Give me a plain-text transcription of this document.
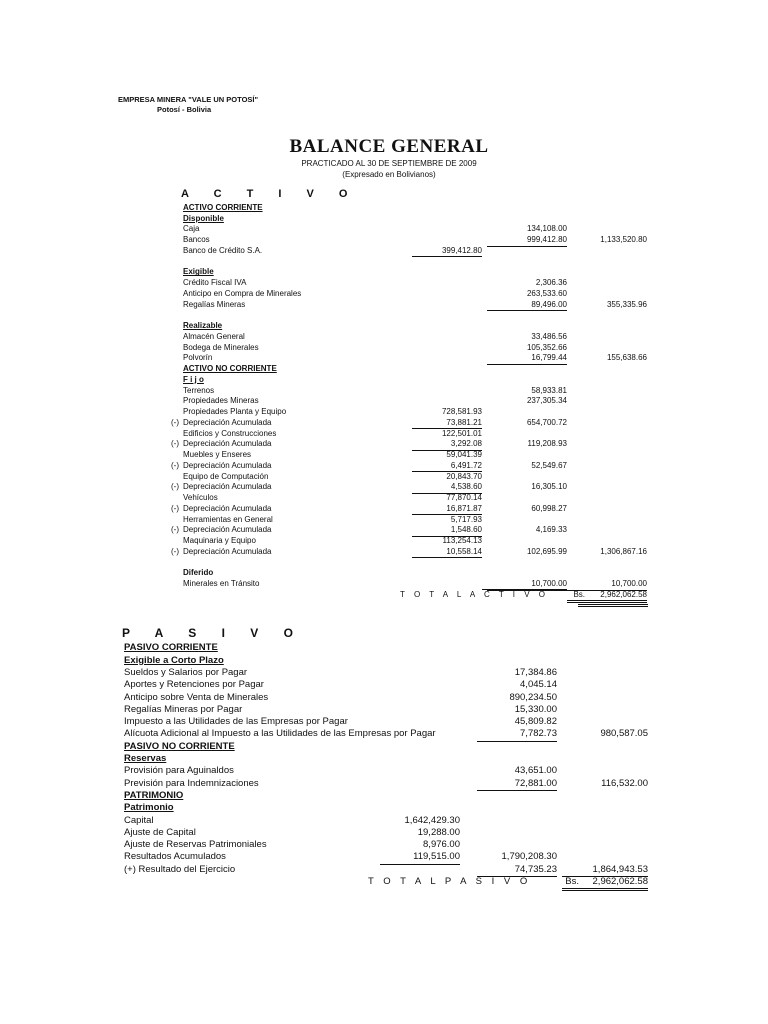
EMPRESA MINERA "VALE UN POTOSÍ"
Potosí - Bolivia
BALANCE GENERAL
PRACTICADO AL 30 DE SEPTIEMBRE DE 2009
(Expresado en Bolivianos)
A C T I V O
ACTIVO CORRIENTE
Disponible
Caja	134,108.00
Bancos	999,412.80	1,133,520.80
Banco de Crédito S.A.	399,412.80
Exigible
Crédito Fiscal IVA	2,306.36
Anticipo en Compra de Minerales	263,533.60
Regalías Mineras	89,496.00	355,335.96
Realizable
Almacén General	33,486.56
Bodega de Minerales	105,352.66
Polvorín	16,799.44	155,638.66
ACTIVO NO CORRIENTE
F i j o
Terrenos	58,933.81
Propiedades Mineras	237,305.34
Propiedades Planta y Equipo	728,581.93
(-) Depreciación Acumulada	73,881.21	654,700.72
Edificios y Construcciones	122,501.01
(-) Depreciación Acumulada	3,292.08	119,208.93
Muebles y Enseres	59,041.39
(-) Depreciación Acumulada	6,491.72	52,549.67
Equipo de Computación	20,843.70
(-) Depreciación Acumulada	4,538.60	16,305.10
Vehículos	77,870.14
(-) Depreciación Acumulada	16,871.87	60,998.27
Herramientas en General	5,717.93
(-) Depreciación Acumulada	1,548.60	4,169.33
Maquinaria y Equipo	113,254.13
(-) Depreciación Acumulada	10,558.14	102,695.99	1,306,867.16
Diferido
Minerales en Tránsito	10,700.00	10,700.00
T O T A L A C T I V O	2,962,062.58
Bs.
P A S I V O
PASIVO CORRIENTE
Exigible a Corto Plazo
Sueldos y Salarios por Pagar	17,384.86
Aportes y Retenciones por Pagar	4,045.14
Anticipo sobre Venta de Minerales	890,234.50
Regalías Mineras por Pagar	15,330.00
Impuesto a las Utilidades de las Empresas por Pagar	45,809.82
Alícuota Adicional al Impuesto a las Utilidades de las Empresas por Pagar	7,782.73	980,587.05
PASIVO NO CORRIENTE
Reservas
Provisión para Aguinaldos	43,651.00
Previsión para Indemnizaciones	72,881.00	116,532.00
PATRIMONIO
Patrimonio
Capital	1,642,429.30
Ajuste de Capital	19,288.00
Ajuste de Reservas Patrimoniales	8,976.00
Resultados Acumulados	119,515.00	1,790,208.30
(+) Resultado del Ejercicio	74,735.23	1,864,943.53
T O T A L P A S I V O	2,962,062.58
Bs.
